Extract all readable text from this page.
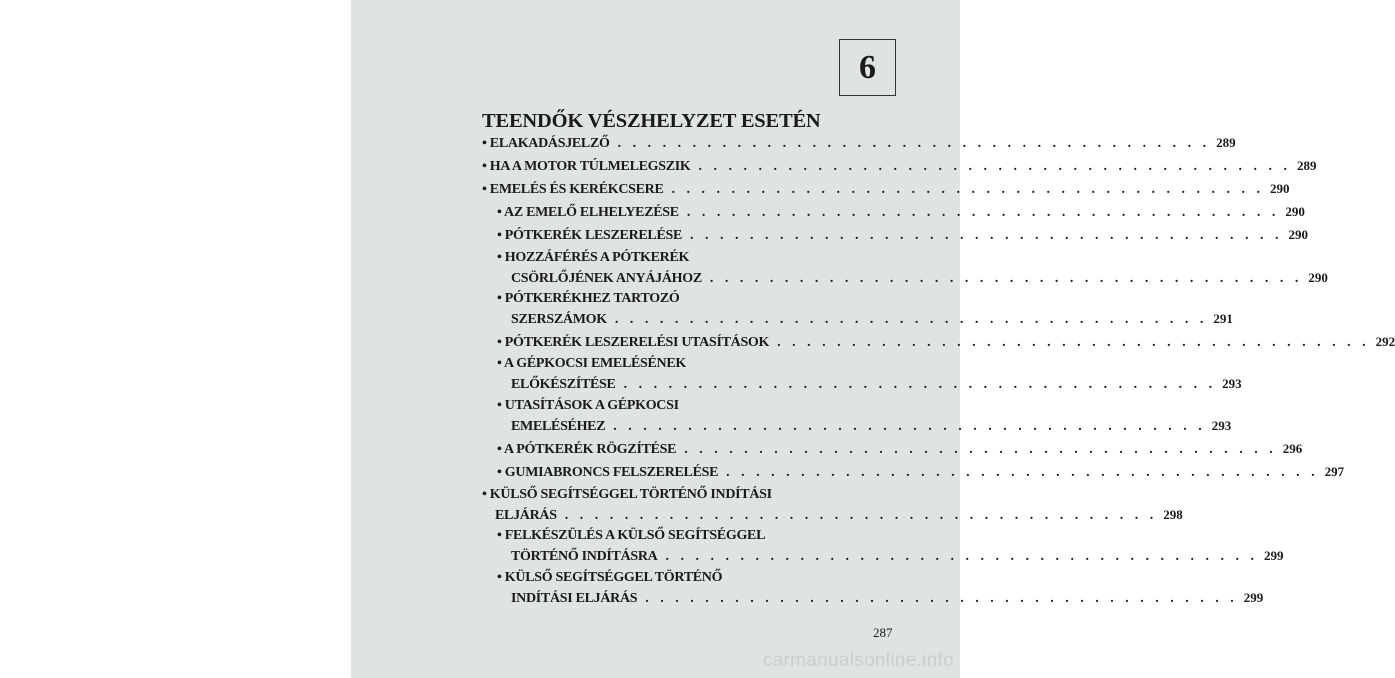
6
TEENDŐK VÉSZHELYZET ESETÉN
• ELAKADÁSJELZŐ . . . . . . . . . . . . . . . . . . . . . . . . . . . . . . . . . . . . . . . . 289
• HA A MOTOR TÚLMELEGSZIK . . . . . . . . . . . . . . . . . . . . . . . . . . . . . . . . . . . . . . . . 289
• EMELÉS ÉS KERÉKCSERE . . . . . . . . . . . . . . . . . . . . . . . . . . . . . . . . . . . . . . . . 290
• AZ EMELŐ ELHELYEZÉSE . . . . . . . . . . . . . . . . . . . . . . . . . . . . . . . . . . . . . . . . 290
• PÓTKERÉK LESZERELÉSE . . . . . . . . . . . . . . . . . . . . . . . . . . . . . . . . . . . . . . . . 290
• HOZZÁFÉRÉS A PÓTKERÉK
CSÖRLŐJÉNEK ANYÁJÁHOZ . . . . . . . . . . . . . . . . . . . . . . . . . . . . . . . . . . . . . . . . 290
• PÓTKERÉKHEZ TARTOZÓ
SZERSZÁMOK . . . . . . . . . . . . . . . . . . . . . . . . . . . . . . . . . . . . . . . . 291
• PÓTKERÉK LESZERELÉSI UTASÍTÁSOK . . . . . . . . . . . . . . . . . . . . . . . . . . . . . . . . . . . . . . . . 292
• A GÉPKOCSI EMELÉSÉNEK
ELŐKÉSZÍTÉSE . . . . . . . . . . . . . . . . . . . . . . . . . . . . . . . . . . . . . . . . 293
• UTASÍTÁSOK A GÉPKOCSI
EMELÉSÉHEZ . . . . . . . . . . . . . . . . . . . . . . . . . . . . . . . . . . . . . . . . 293
• A PÓTKERÉK RÖGZÍTÉSE . . . . . . . . . . . . . . . . . . . . . . . . . . . . . . . . . . . . . . . . 296
• GUMIABRONCS FELSZERELÉSE . . . . . . . . . . . . . . . . . . . . . . . . . . . . . . . . . . . . . . . . 297
• KÜLSŐ SEGÍTSÉGGEL TÖRTÉNŐ INDÍTÁSI
ELJÁRÁS . . . . . . . . . . . . . . . . . . . . . . . . . . . . . . . . . . . . . . . . 298
• FELKÉSZÜLÉS A KÜLSŐ SEGÍTSÉGGEL
TÖRTÉNŐ INDÍTÁSRA . . . . . . . . . . . . . . . . . . . . . . . . . . . . . . . . . . . . . . . . 299
• KÜLSŐ SEGÍTSÉGGEL TÖRTÉNŐ
INDÍTÁSI ELJÁRÁS . . . . . . . . . . . . . . . . . . . . . . . . . . . . . . . . . . . . . . . . 299
287
carmanualsonline.info
